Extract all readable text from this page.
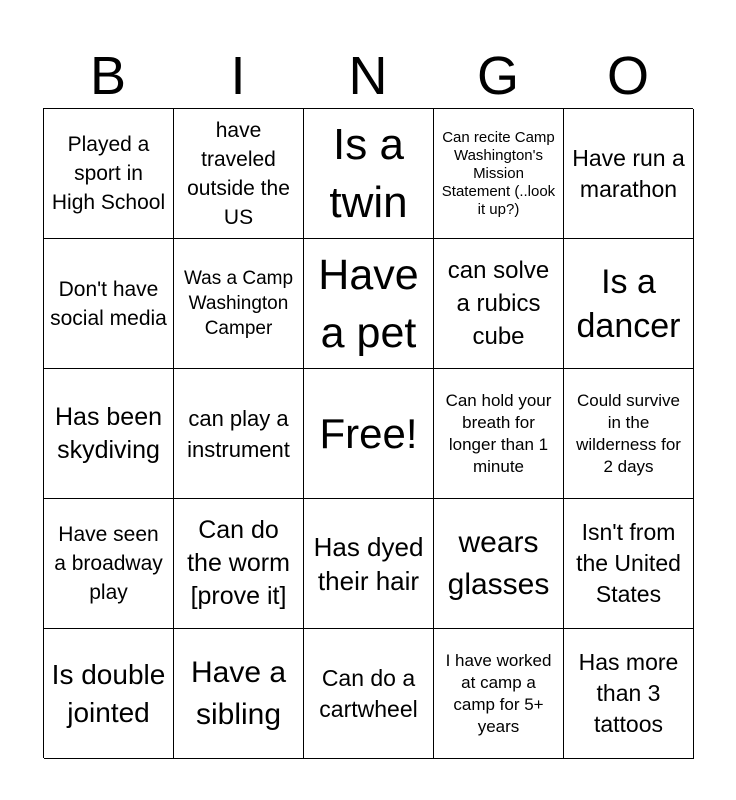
B	I	N	G	O
Played a sport in High School
have traveled outside the US
Is a twin
Can recite Camp Washington's Mission Statement (..look it up?)
Have run a marathon
Don't have social media
Was a Camp Washington Camper
Have a pet
can solve a rubics cube
Is a dancer
Has been skydiving
can play a instrument Free!
Can hold your breath for longer than 1 minute
Could survive in the wilderness for 2 days
Have seen a broadway play
Can do the worm [prove it]
Has dyed their hair
wears glasses
Isn't from the United States
Is double jointed
Have a sibling
Can do a cartwheel
I have worked at camp a camp for 5+ years
Has more than 3 tattoos
